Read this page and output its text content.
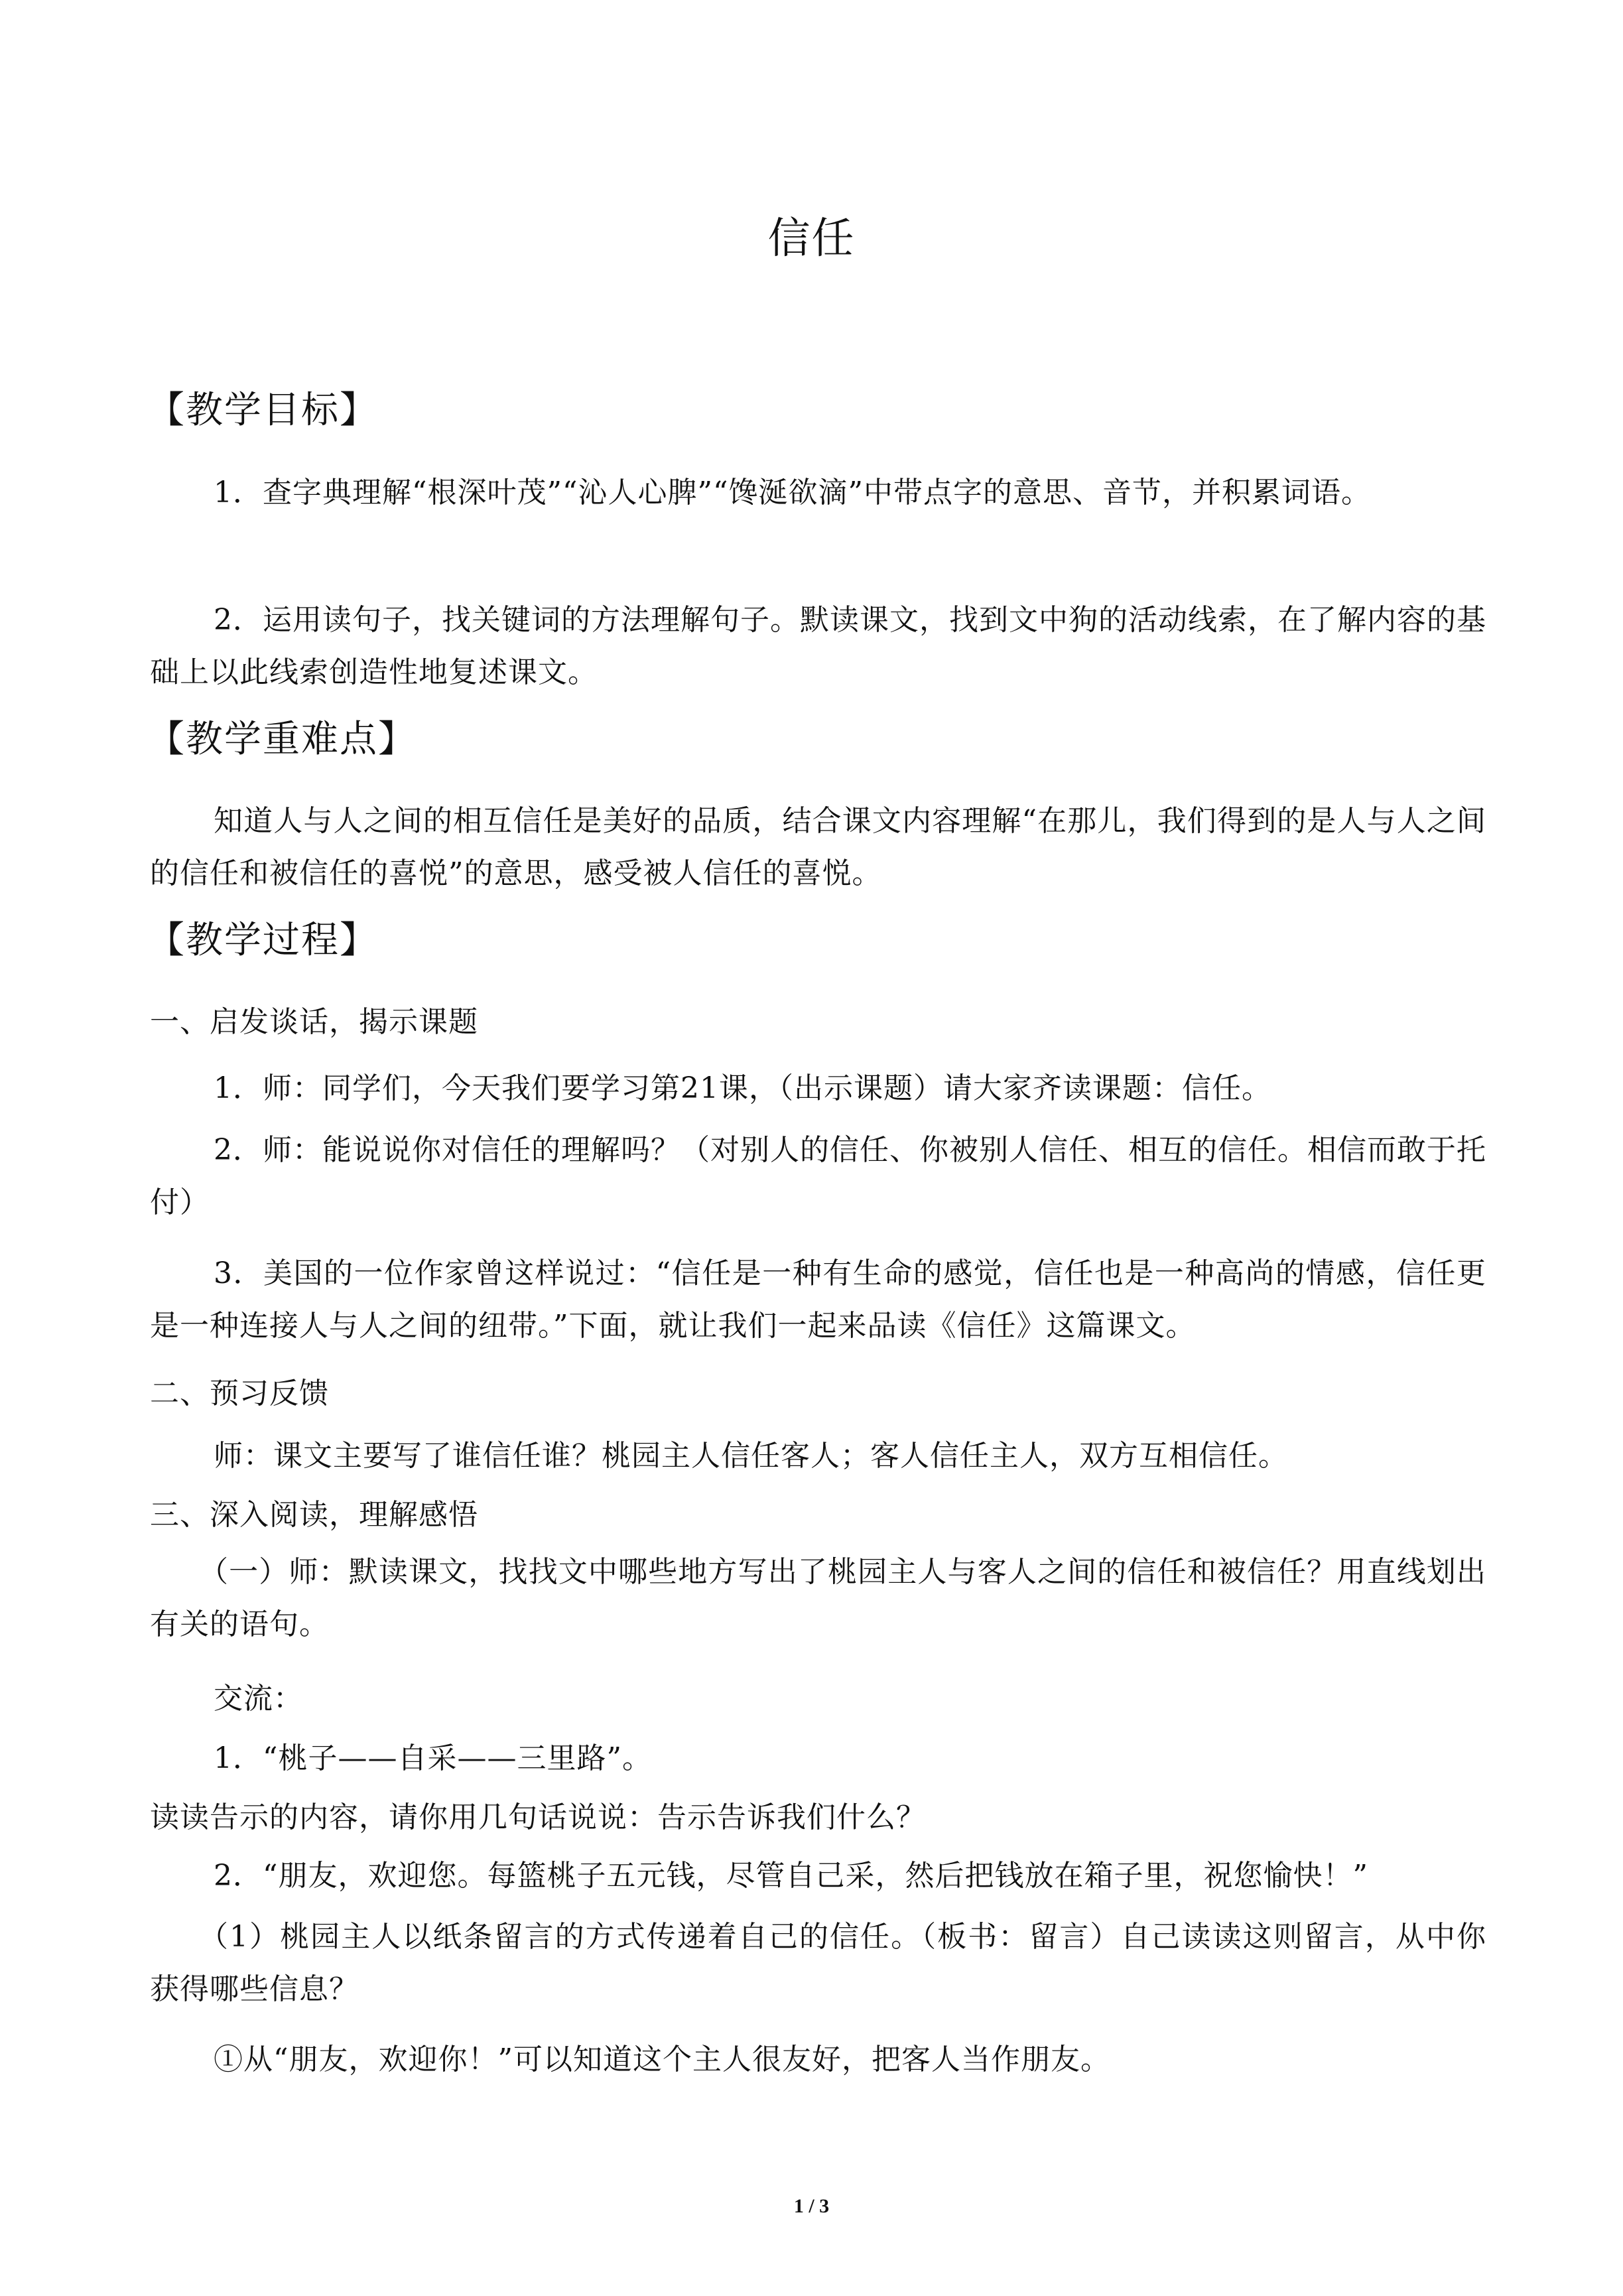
信任
【教学目标】
1．查字典理解“根深叶茂”“沁人心脾”“馋涎欲滴”中带点字的意思、音节，并积累词语。
2．运用读句子，找关键词的方法理解句子。默读课文，找到文中狗的活动线索，在了解内容的基础上以此线索创造性地复述课文。
【教学重难点】
知道人与人之间的相互信任是美好的品质，结合课文内容理解“在那儿，我们得到的是人与人之间的信任和被信任的喜悦”的意思，感受被人信任的喜悦。
【教学过程】
一、启发谈话，揭示课题
1．师：同学们，今天我们要学习第21课，（出示课题）请大家齐读课题：信任。
2．师：能说说你对信任的理解吗？（对别人的信任、你被别人信任、相互的信任。相信而敢于托付）
3．美国的一位作家曾这样说过：“信任是一种有生命的感觉，信任也是一种高尚的情感，信任更是一种连接人与人之间的纽带。”下面，就让我们一起来品读《信任》这篇课文。
二、预习反馈
师：课文主要写了谁信任谁？桃园主人信任客人；客人信任主人，双方互相信任。
三、深入阅读，理解感悟
（一）师：默读课文，找找文中哪些地方写出了桃园主人与客人之间的信任和被信任？用直线划出有关的语句。
交流：
1．“桃子——自采——三里路”。
读读告示的内容，请你用几句话说说：告示告诉我们什么？
2．“朋友，欢迎您。每篮桃子五元钱，尽管自己采，然后把钱放在箱子里，祝您愉快！”
（1）桃园主人以纸条留言的方式传递着自己的信任。（板书：留言）自己读读这则留言，从中你获得哪些信息？
①从“朋友，欢迎你！”可以知道这个主人很友好，把客人当作朋友。
1 / 3
